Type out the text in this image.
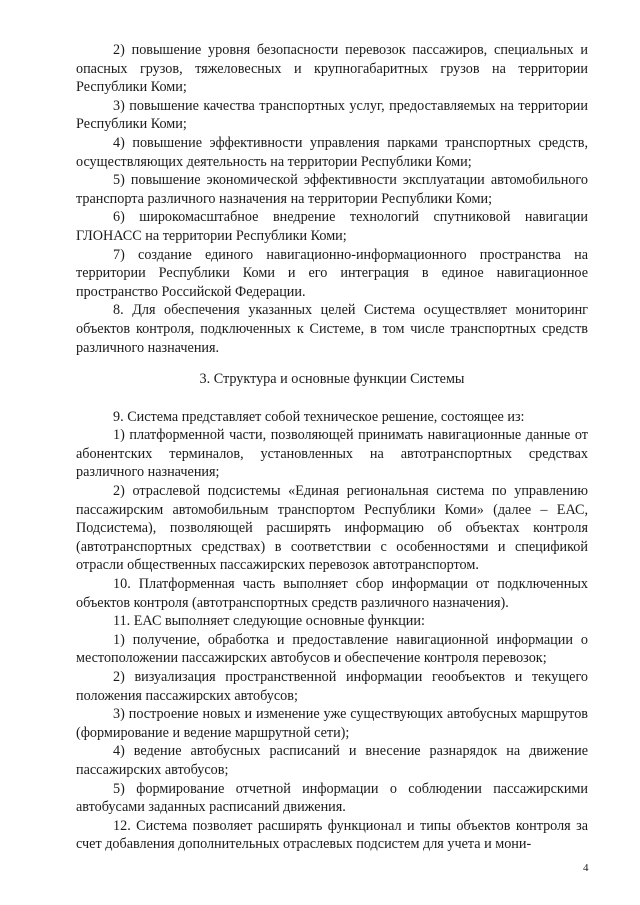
2) повышение уровня безопасности перевозок пассажиров, специальных и опасных грузов, тяжеловесных и крупногабаритных грузов на территории Республики Коми;

3) повышение качества транспортных услуг, предоставляемых на территории Республики Коми;

4) повышение эффективности управления парками транспортных средств, осуществляющих деятельность на территории Республики Коми;

5) повышение экономической эффективности эксплуатации автомобильного транспорта различного назначения на территории Республики Коми;

6) широкомасштабное внедрение технологий спутниковой навигации ГЛОНАСС на территории Республики Коми;

7) создание единого навигационно-информационного пространства на территории Республики Коми и его интеграция в единое навигационное пространство Российской Федерации.

8. Для обеспечения указанных целей Система осуществляет мониторинг объектов контроля, подключенных к Системе, в том числе транспортных средств различного назначения.

3. Структура и основные функции Системы

9. Система представляет собой техническое решение, состоящее из:

1) платформенной части, позволяющей принимать навигационные данные от абонентских терминалов, установленных на автотранспортных средствах различного назначения;

2) отраслевой подсистемы «Единая региональная система по управлению пассажирским автомобильным транспортом Республики Коми» (далее – ЕАС, Подсистема), позволяющей расширять информацию об объектах контроля (автотранспортных средствах) в соответствии с особенностями и спецификой отрасли общественных пассажирских перевозок автотранспортом.

10. Платформенная часть выполняет сбор информации от подключенных объектов контроля (автотранспортных средств различного назначения).

11. ЕАС выполняет следующие основные функции:

1) получение, обработка и предоставление навигационной информации о местоположении пассажирских автобусов и обеспечение контроля перевозок;

2) визуализация пространственной информации геообъектов и текущего положения пассажирских автобусов;

3) построение новых и изменение уже существующих автобусных маршрутов (формирование и ведение маршрутной сети);

4) ведение автобусных расписаний и внесение разнарядок на движение пассажирских автобусов;

5) формирование отчетной информации о соблюдении пассажирскими автобусами заданных расписаний движения.

12. Система позволяет расширять функционал и типы объектов контроля за счет добавления дополнительных отраслевых подсистем для учета и мони-

4
